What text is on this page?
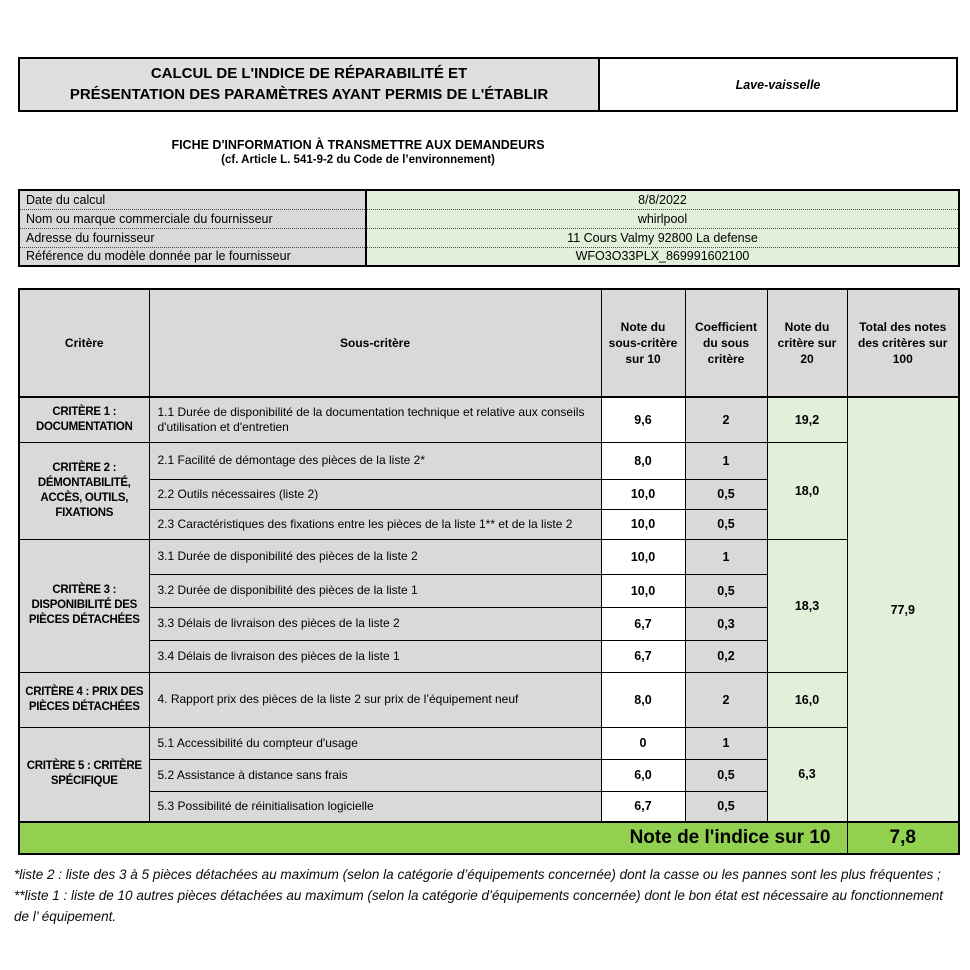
CALCUL DE L'INDICE DE RÉPARABILITÉ ET
PRÉSENTATION DES PARAMÈTRES AYANT PERMIS DE L'ÉTABLIR
Lave-vaisselle
FICHE D'INFORMATION À TRANSMETTRE AUX DEMANDEURS
(cf. Article L. 541-9-2 du Code de l’environnement)
Date du calcul	8/8/2022
Nom ou marque commerciale du fournisseur	whirlpool
Adresse du fournisseur	11 Cours Valmy 92800 La defense
Référence du modèle donnée par le fournisseur	WFO3O33PLX_869991602100
Critère	Sous-critère	Note du sous-critère sur 10	Coefficient du sous critère	Note du critère sur 20	Total des notes des critères sur 100
CRITÈRE 1 : DOCUMENTATION	1.1 Durée de disponibilité de la documentation technique et relative aux conseils d'utilisation et d'entretien	9,6	2	19,2	77,9
CRITÈRE 2 : DÉMONTABILITÉ, ACCÈS, OUTILS, FIXATIONS	2.1 Facilité de démontage des pièces de la liste 2*	8,0	1	18,0	
	2.2 Outils nécessaires (liste 2)	10,0	0,5		
	2.3 Caractéristiques des fixations entre les pièces de la liste 1** et de la liste 2	10,0	0,5		
CRITÈRE 3 : DISPONIBILITÉ DES PIÈCES DÉTACHÉES	3.1 Durée de disponibilité des pièces de la liste 2	10,0	1	18,3	
	3.2 Durée de disponibilité des pièces de la liste 1	10,0	0,5		
	3.3 Délais de livraison des pièces de la liste 2	6,7	0,3		
	3.4 Délais de livraison des pièces de la liste 1	6,7	0,2		
CRITÈRE 4 : PRIX DES PIÈCES DÉTACHÉES	4. Rapport prix des pièces de la liste 2 sur prix de l’équipement neuf	8,0	2	16,0	
CRITÈRE 5 : CRITÈRE SPÉCIFIQUE	5.1 Accessibilité du compteur d'usage	0	1	6,3	
	5.2 Assistance à distance sans frais	6,0	0,5		
	5.3 Possibilité de réinitialisation logicielle	6,7	0,5		
Note de l'indice sur 10					7,8

*liste 2 : liste des 3 à 5 pièces détachées au maximum (selon la catégorie d’équipements concernée) dont la casse ou les pannes sont les plus fréquentes ;

**liste 1 : liste de 10 autres pièces détachées au maximum (selon la catégorie d’équipements concernée) dont le bon état est nécessaire au fonctionnement de l’ équipement.
